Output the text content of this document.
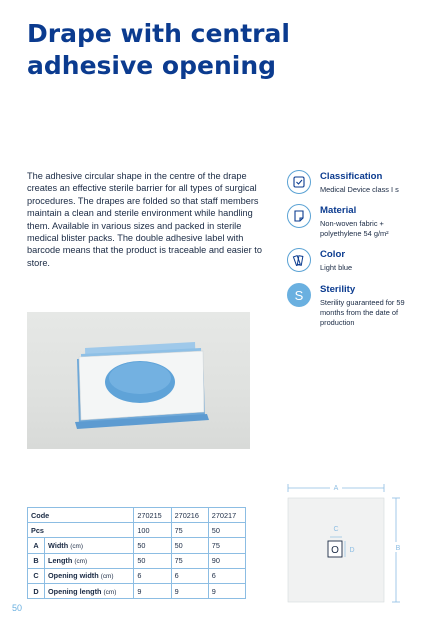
Drape with central adhesive opening

The adhesive circular shape in the centre of the drape creates an effective sterile barrier for all types of surgical procedures. The drapes are folded so that staff members maintain a clean and sterile environment while handling them. Available in various sizes and packed in sterile medical blister packs. The double adhesive label with barcode means that the product is traceable and easier to store.

Classification
Medical Device class I s
Material
Non-woven fabric + polyethylene 54 g/m²
Color
Light blue
S	Sterility
Sterility guaranteed for 59 months from the date of production
Code		270215	270216	270217
Pcs		100	75	50
A	Width (cm)	50	50	75
B	Length (cm)	50	75	90
C	Opening width (cm)	6	6	6
D	Opening length (cm)	9	9	9
A
B
C
O D
50
